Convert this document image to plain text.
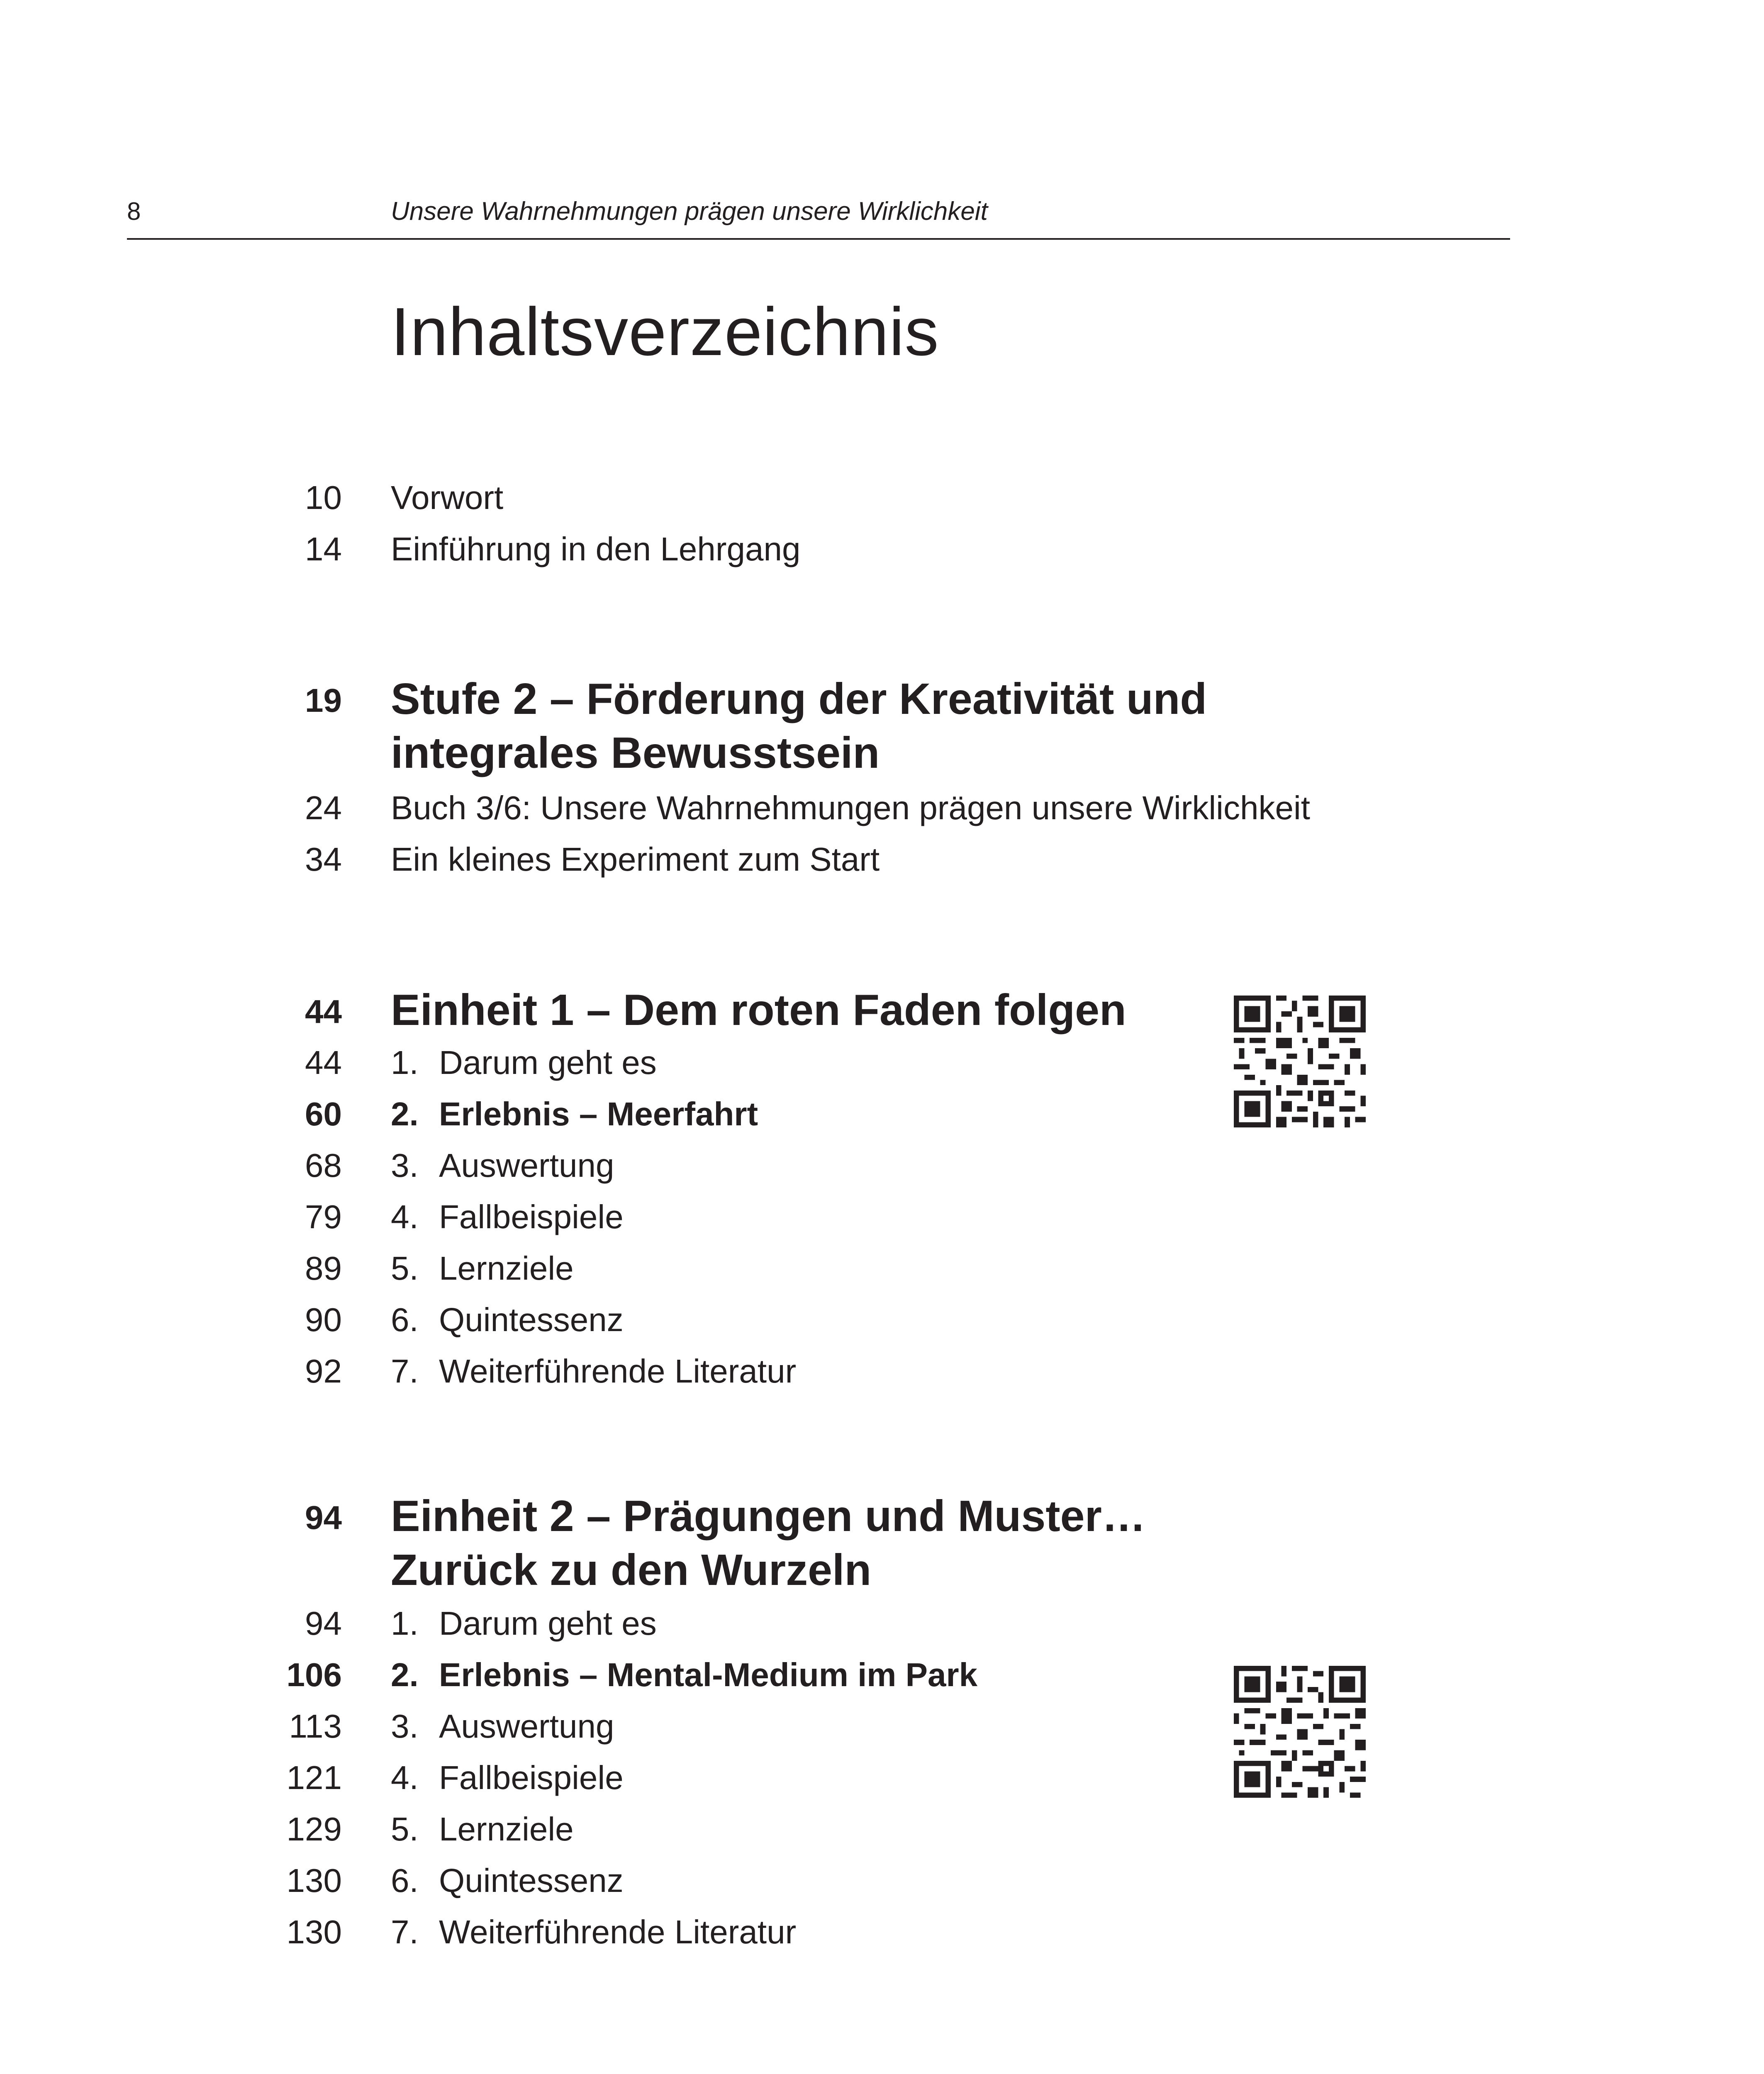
8	Unsere Wahrnehmungen prägen unsere Wirklichkeit
Inhaltsverzeichnis
10 Vorwort
14 Einführung in den Lehrgang
19 Stufe 2 – Förderung der Kreativität und
integrales Bewusstsein
24 Buch 3/6: Unsere Wahrnehmungen prägen unsere Wirklichkeit
34 Ein kleines Experiment zum Start
44 Einheit 1 – Dem roten Faden folgen
44 1. Darum geht es
60 2. Erlebnis – Meerfahrt
68 3. Auswertung
79 4. Fallbeispiele
89 5. Lernziele
90 6. Quintessenz
92 7. Weiterführende Literatur
94 Einheit 2 – Prägungen und Muster…
Zurück zu den Wurzeln
94 1. Darum geht es
106 2. Erlebnis – Mental-Medium im Park
113 3. Auswertung
121 4. Fallbeispiele
129 5. Lernziele
130 6. Quintessenz
130 7. Weiterführende Literatur
